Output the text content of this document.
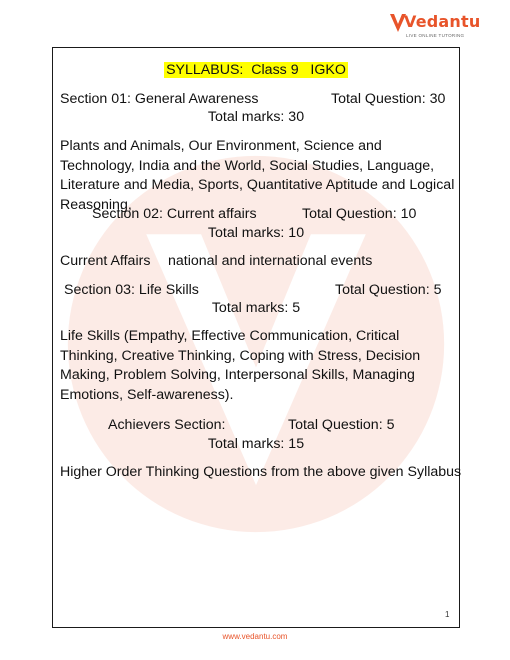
Vedantu
LIVE ONLINE TUTORING
SYLLABUS: Class 9 IGKO
Section 01: General Awareness	Total Question: 30
Total marks: 30
Plants and Animals, Our Environment, Science and Technology, India and the World, Social Studies, Language, Literature and Media, Sports, Quantitative Aptitude and Logical Reasoning,
Section 02: Current affairs	Total Question: 10
Total marks: 10
Current Affairs national and international events
Section 03: Life Skills	Total Question: 5
Total marks: 5
Life Skills (Empathy, Effective Communication, Critical Thinking, Creative Thinking, Coping with Stress, Decision Making, Problem Solving, Interpersonal Skills, Managing Emotions, Self-awareness).
Achievers Section:	Total Question: 5
Total marks: 15
Higher Order Thinking Questions from the above given Syllabus
1
www.vedantu.com
